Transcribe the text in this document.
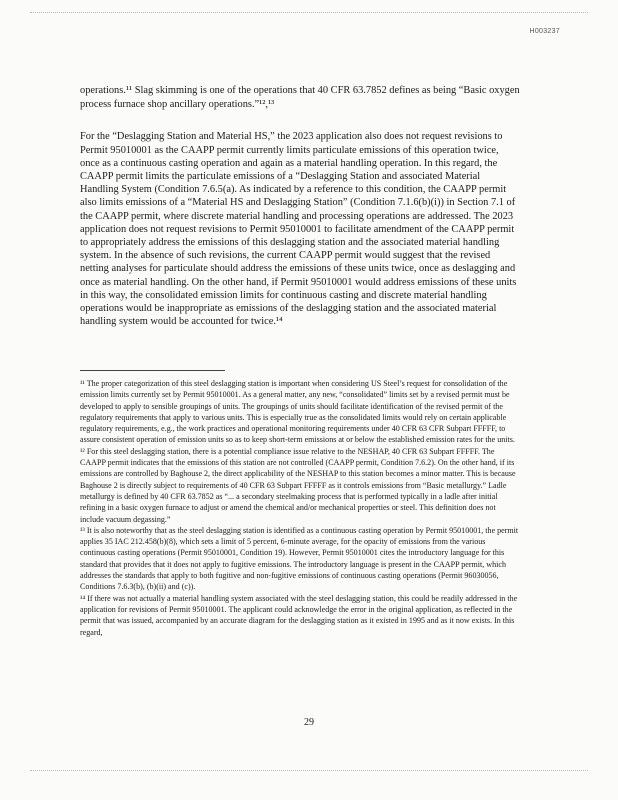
H003237

operations.¹¹ Slag skimming is one of the operations that 40 CFR 63.7852 defines as being “Basic oxygen process furnace shop ancillary operations.”¹²,¹³

For the “Deslagging Station and Material HS,” the 2023 application also does not request revisions to Permit 95010001 as the CAAPP permit currently limits particulate emissions of this operation twice, once as a continuous casting operation and again as a material handling operation. In this regard, the CAAPP permit limits the particulate emissions of a “Deslagging Station and associated Material Handling System (Condition 7.6.5(a). As indicated by a reference to this condition, the CAAPP permit also limits emissions of a “Material HS and Deslagging Station” (Condition 7.1.6(b)(i)) in Section 7.1 of the CAAPP permit, where discrete material handling and processing operations are addressed. The 2023 application does not request revisions to Permit 95010001 to facilitate amendment of the CAAPP permit to appropriately address the emissions of this deslagging station and the associated material handling system. In the absence of such revisions, the current CAAPP permit would suggest that the revised netting analyses for particulate should address the emissions of these units twice, once as deslagging and once as material handling. On the other hand, if Permit 95010001 would address emissions of these units in this way, the consolidated emission limits for continuous casting and discrete material handling operations would be inappropriate as emissions of the deslagging station and the associated material handling system would be accounted for twice.¹⁴

¹¹ The proper categorization of this steel deslagging station is important when considering US Steel’s request for consolidation of the emission limits currently set by Permit 95010001. As a general matter, any new, “consolidated” limits set by a revised permit must be developed to apply to sensible groupings of units. The groupings of units should facilitate identification of the revised permit of the regulatory requirements that apply to various units. This is especially true as the consolidated limits would rely on certain applicable regulatory requirements, e.g., the work practices and operational monitoring requirements under 40 CFR 63 CFR Subpart FFFFF, to assure consistent operation of emission units so as to keep short-term emissions at or below the established emission rates for the units.

¹² For this steel deslagging station, there is a potential compliance issue relative to the NESHAP, 40 CFR 63 Subpart FFFFF. The CAAPP permit indicates that the emissions of this station are not controlled (CAAPP permit, Condition 7.6.2). On the other hand, if its emissions are controlled by Baghouse 2, the direct applicability of the NESHAP to this station becomes a minor matter. This is because Baghouse 2 is directly subject to requirements of 40 CFR 63 Subpart FFFFF as it controls emissions from “Basic metallurgy.” Ladle metallurgy is defined by 40 CFR 63.7852 as “... a secondary steelmaking process that is performed typically in a ladle after initial refining in a basic oxygen furnace to adjust or amend the chemical and/or mechanical properties or steel. This definition does not include vacuum degassing.”

¹³ It is also noteworthy that as the steel deslagging station is identified as a continuous casting operation by Permit 95010001, the permit applies 35 IAC 212.458(b)(8), which sets a limit of 5 percent, 6-minute average, for the opacity of emissions from the various continuous casting operations (Permit 95010001, Condition 19). However, Permit 95010001 cites the introductory language for this standard that provides that it does not apply to fugitive emissions. The introductory language is present in the CAAPP permit, which addresses the standards that apply to both fugitive and non-fugitive emissions of continuous casting operations (Permit 96030056, Conditions 7.6.3(b), (b)(ii) and (c)).

¹⁴ If there was not actually a material handling system associated with the steel deslagging station, this could be readily addressed in the application for revisions of Permit 95010001. The applicant could acknowledge the error in the original application, as reflected in the permit that was issued, accompanied by an accurate diagram for the deslagging station as it existed in 1995 and as it now exists. In this regard,

29
